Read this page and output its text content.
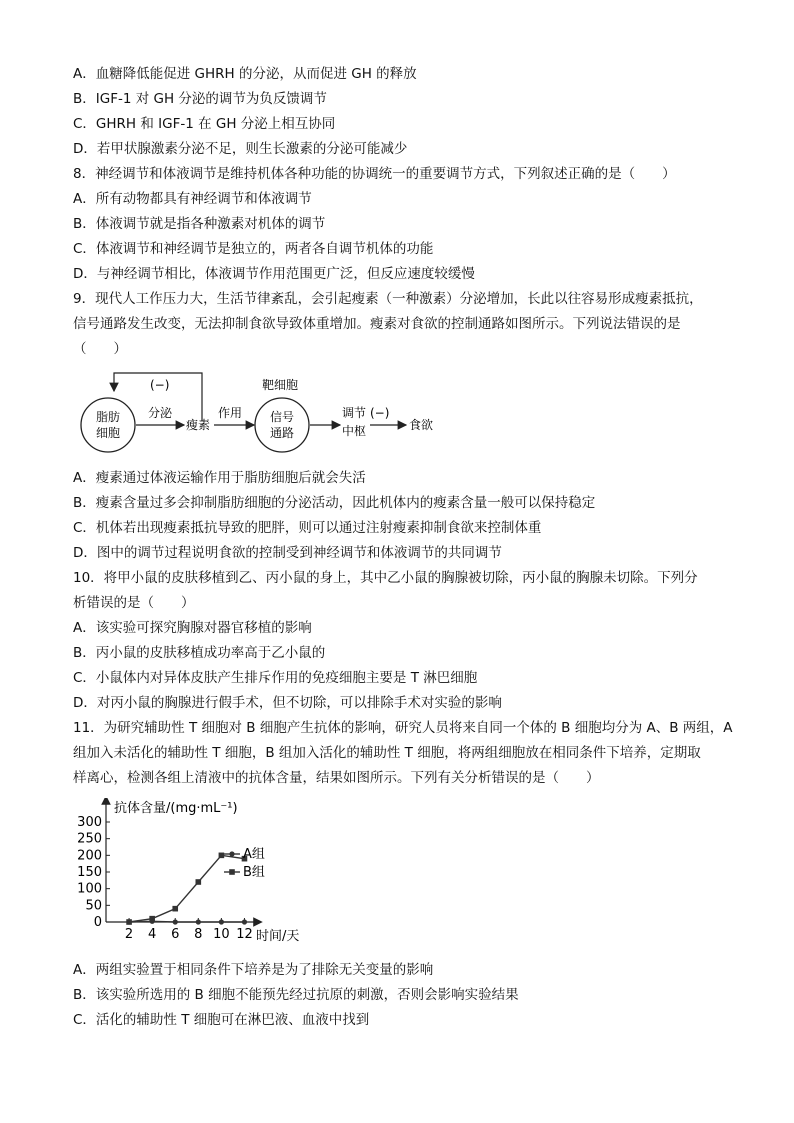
A．血糖降低能促进 GHRH 的分泌，从而促进 GH 的释放
B．IGF-1 对 GH 分泌的调节为负反馈调节
C．GHRH 和 IGF-1 在 GH 分泌上相互协同
D．若甲状腺激素分泌不足，则生长激素的分泌可能减少
8．神经调节和体液调节是维持机体各种功能的协调统一的重要调节方式，下列叙述正确的是（　　）
A．所有动物都具有神经调节和体液调节
B．体液调节就是指各种激素对机体的调节
C．体液调节和神经调节是独立的，两者各自调节机体的功能
D．与神经调节相比，体液调节作用范围更广泛，但反应速度较缓慢
9．现代人工作压力大，生活节律紊乱，会引起瘦素（一种激素）分泌增加，长此以往容易形成瘦素抵抗，
信号通路发生改变，无法抑制食欲导致体重增加。瘦素对食欲的控制通路如图所示。下列说法错误的是
（　　）
(−)
脂肪
细胞
分泌
瘦素
作用
靶细胞
信号
通路
调节 (−)
中枢	食欲
A．瘦素通过体液运输作用于脂肪细胞后就会失活
B．瘦素含量过多会抑制脂肪细胞的分泌活动，因此机体内的瘦素含量一般可以保持稳定
C．机体若出现瘦素抵抗导致的肥胖，则可以通过注射瘦素抑制食欲来控制体重
D．图中的调节过程说明食欲的控制受到神经调节和体液调节的共同调节
10．将甲小鼠的皮肤移植到乙、丙小鼠的身上，其中乙小鼠的胸腺被切除，丙小鼠的胸腺未切除。下列分
析错误的是（　　）
A．该实验可探究胸腺对器官移植的影响
B．丙小鼠的皮肤移植成功率高于乙小鼠的
C．小鼠体内对异体皮肤产生排斥作用的免疫细胞主要是 T 淋巴细胞
D．对丙小鼠的胸腺进行假手术，但不切除，可以排除手术对实验的影响
11．为研究辅助性 T 细胞对 B 细胞产生抗体的影响，研究人员将来自同一个体的 B 细胞均分为 A、B 两组，A
组加入未活化的辅助性 T 细胞，B 组加入活化的辅助性 T 细胞，将两组细胞放在相同条件下培养，定期取
样离心，检测各组上清液中的抗体含量，结果如图所示。下列有关分析错误的是（　　）
0
50
100
150
200
250
300
2 4 6 8 10 12
A组
B组
抗体含量/(mg·mL⁻¹)
时间/天
A．两组实验置于相同条件下培养是为了排除无关变量的影响
B．该实验所选用的 B 细胞不能预先经过抗原的刺激，否则会影响实验结果
C．活化的辅助性 T 细胞可在淋巴液、血液中找到
